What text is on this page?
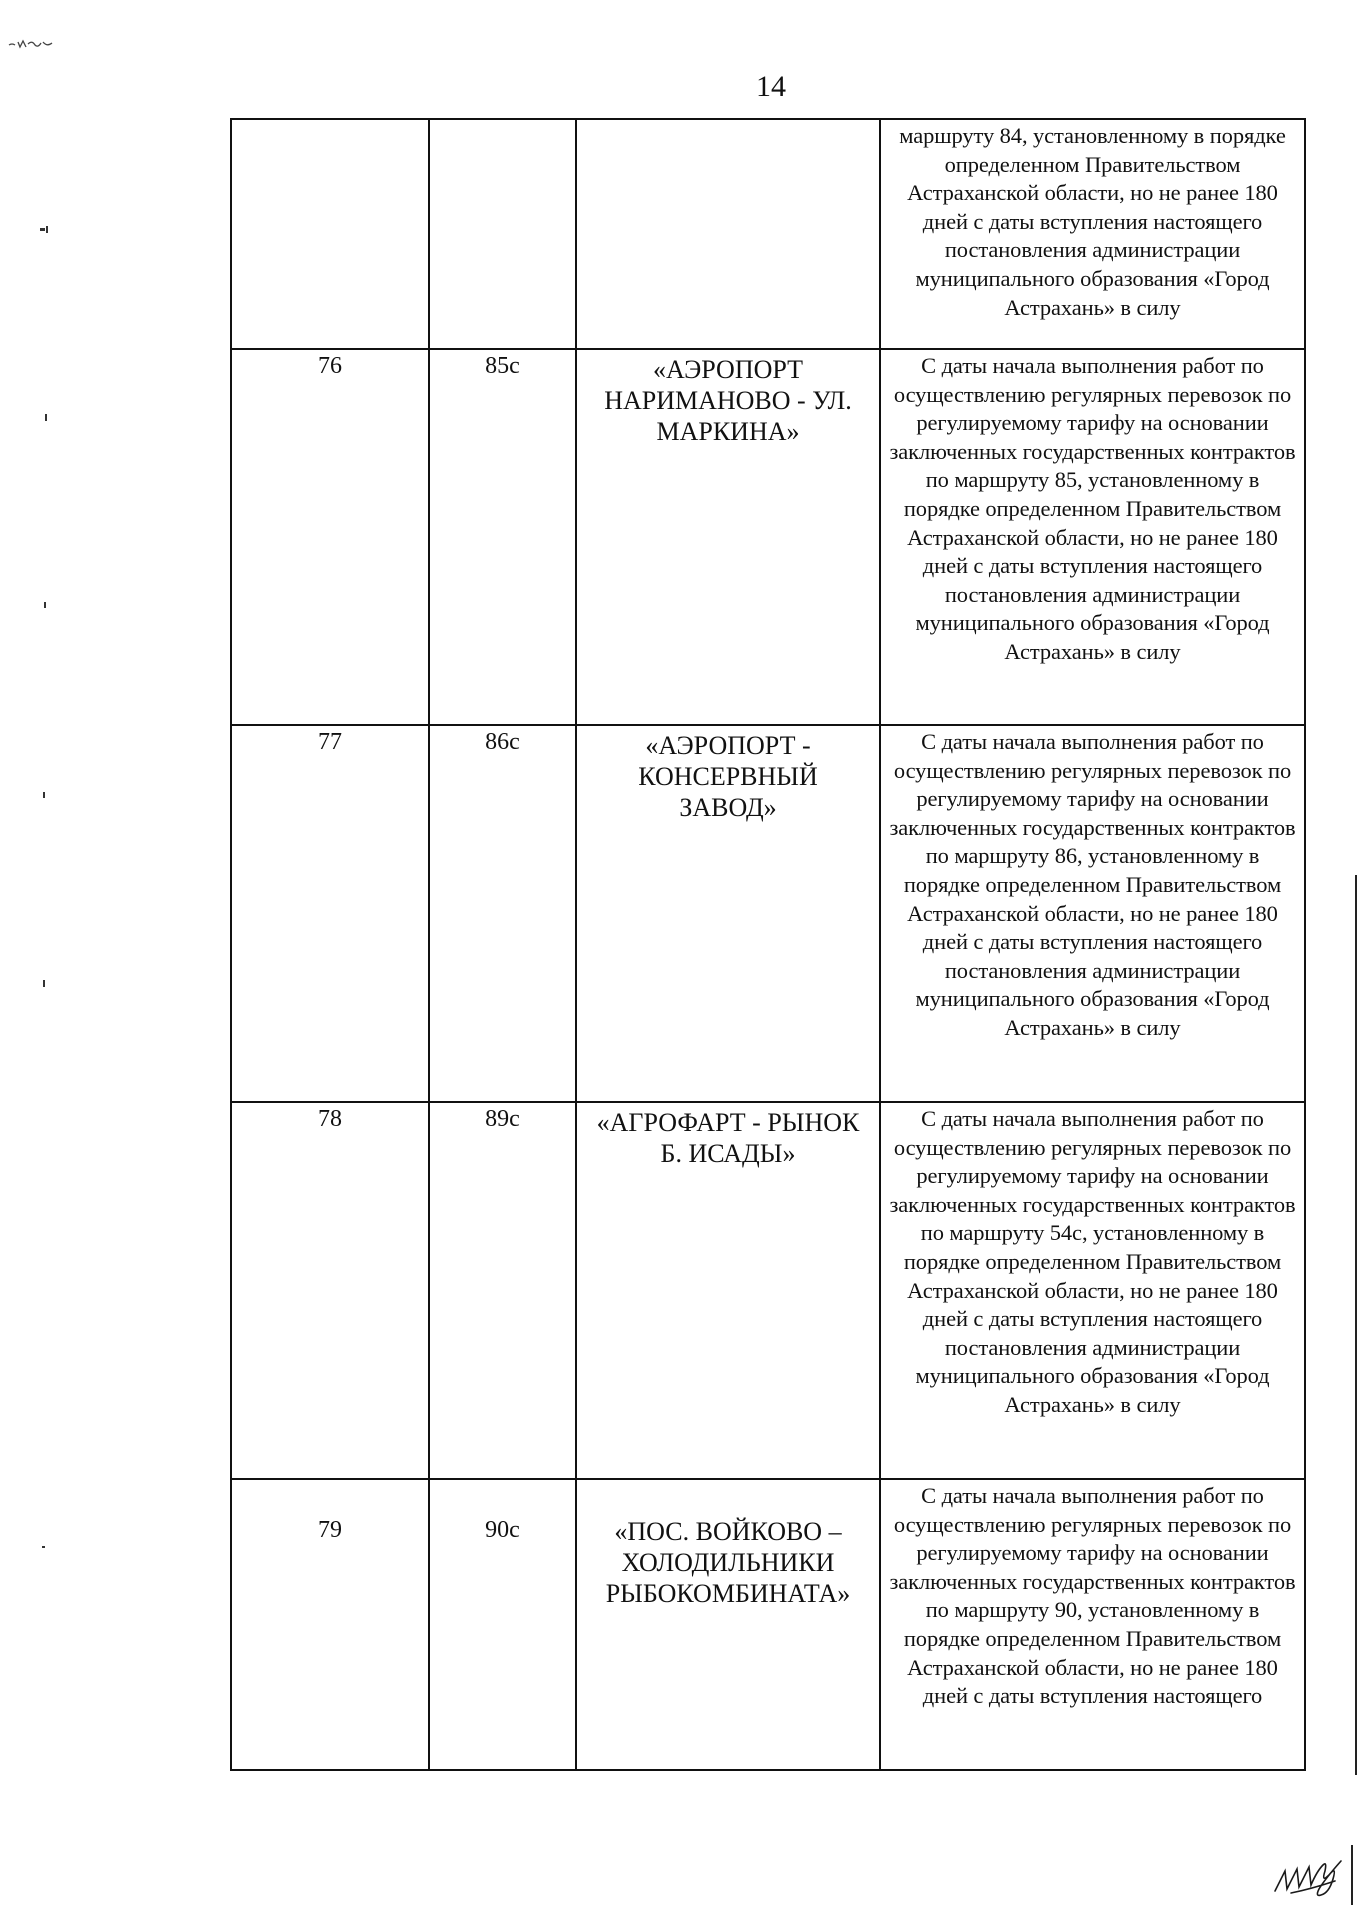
14

			маршруту 84, установленному в порядке определенном Правительством Астраханской области, но не ранее 180 дней с даты вступления настоящего постановления администрации муниципального образования «Город Астрахань» в силу

76	85с	«АЭРОПОРТ НАРИМАНОВО - УЛ. МАРКИНА»	С даты начала выполнения работ по осуществлению регулярных перевозок по регулируемому тарифу на основании заключенных государственных контрактов по маршруту 85, установленному в порядке определенном Правительством Астраханской области, но не ранее 180 дней с даты вступления настоящего постановления администрации муниципального образования «Город Астрахань» в силу

77	86с	«АЭРОПОРТ - КОНСЕРВНЫЙ ЗАВОД»	С даты начала выполнения работ по осуществлению регулярных перевозок по регулируемому тарифу на основании заключенных государственных контрактов по маршруту 86, установленному в порядке определенном Правительством Астраханской области, но не ранее 180 дней с даты вступления настоящего постановления администрации муниципального образования «Город Астрахань» в силу

78	89с	«АГРОФАРТ - РЫНОК Б. ИСАДЫ»	С даты начала выполнения работ по осуществлению регулярных перевозок по регулируемому тарифу на основании заключенных государственных контрактов по маршруту 54с, установленному в порядке определенном Правительством Астраханской области, но не ранее 180 дней с даты вступления настоящего постановления администрации муниципального образования «Город Астрахань» в силу

79	90с	«ПОС. ВОЙКОВО – ХОЛОДИЛЬНИКИ РЫБОКОМБИНАТА»	С даты начала выполнения работ по осуществлению регулярных перевозок по регулируемому тарифу на основании заключенных государственных контрактов по маршруту 90, установленному в порядке определенном Правительством Астраханской области, но не ранее 180 дней с даты вступления настоящего
